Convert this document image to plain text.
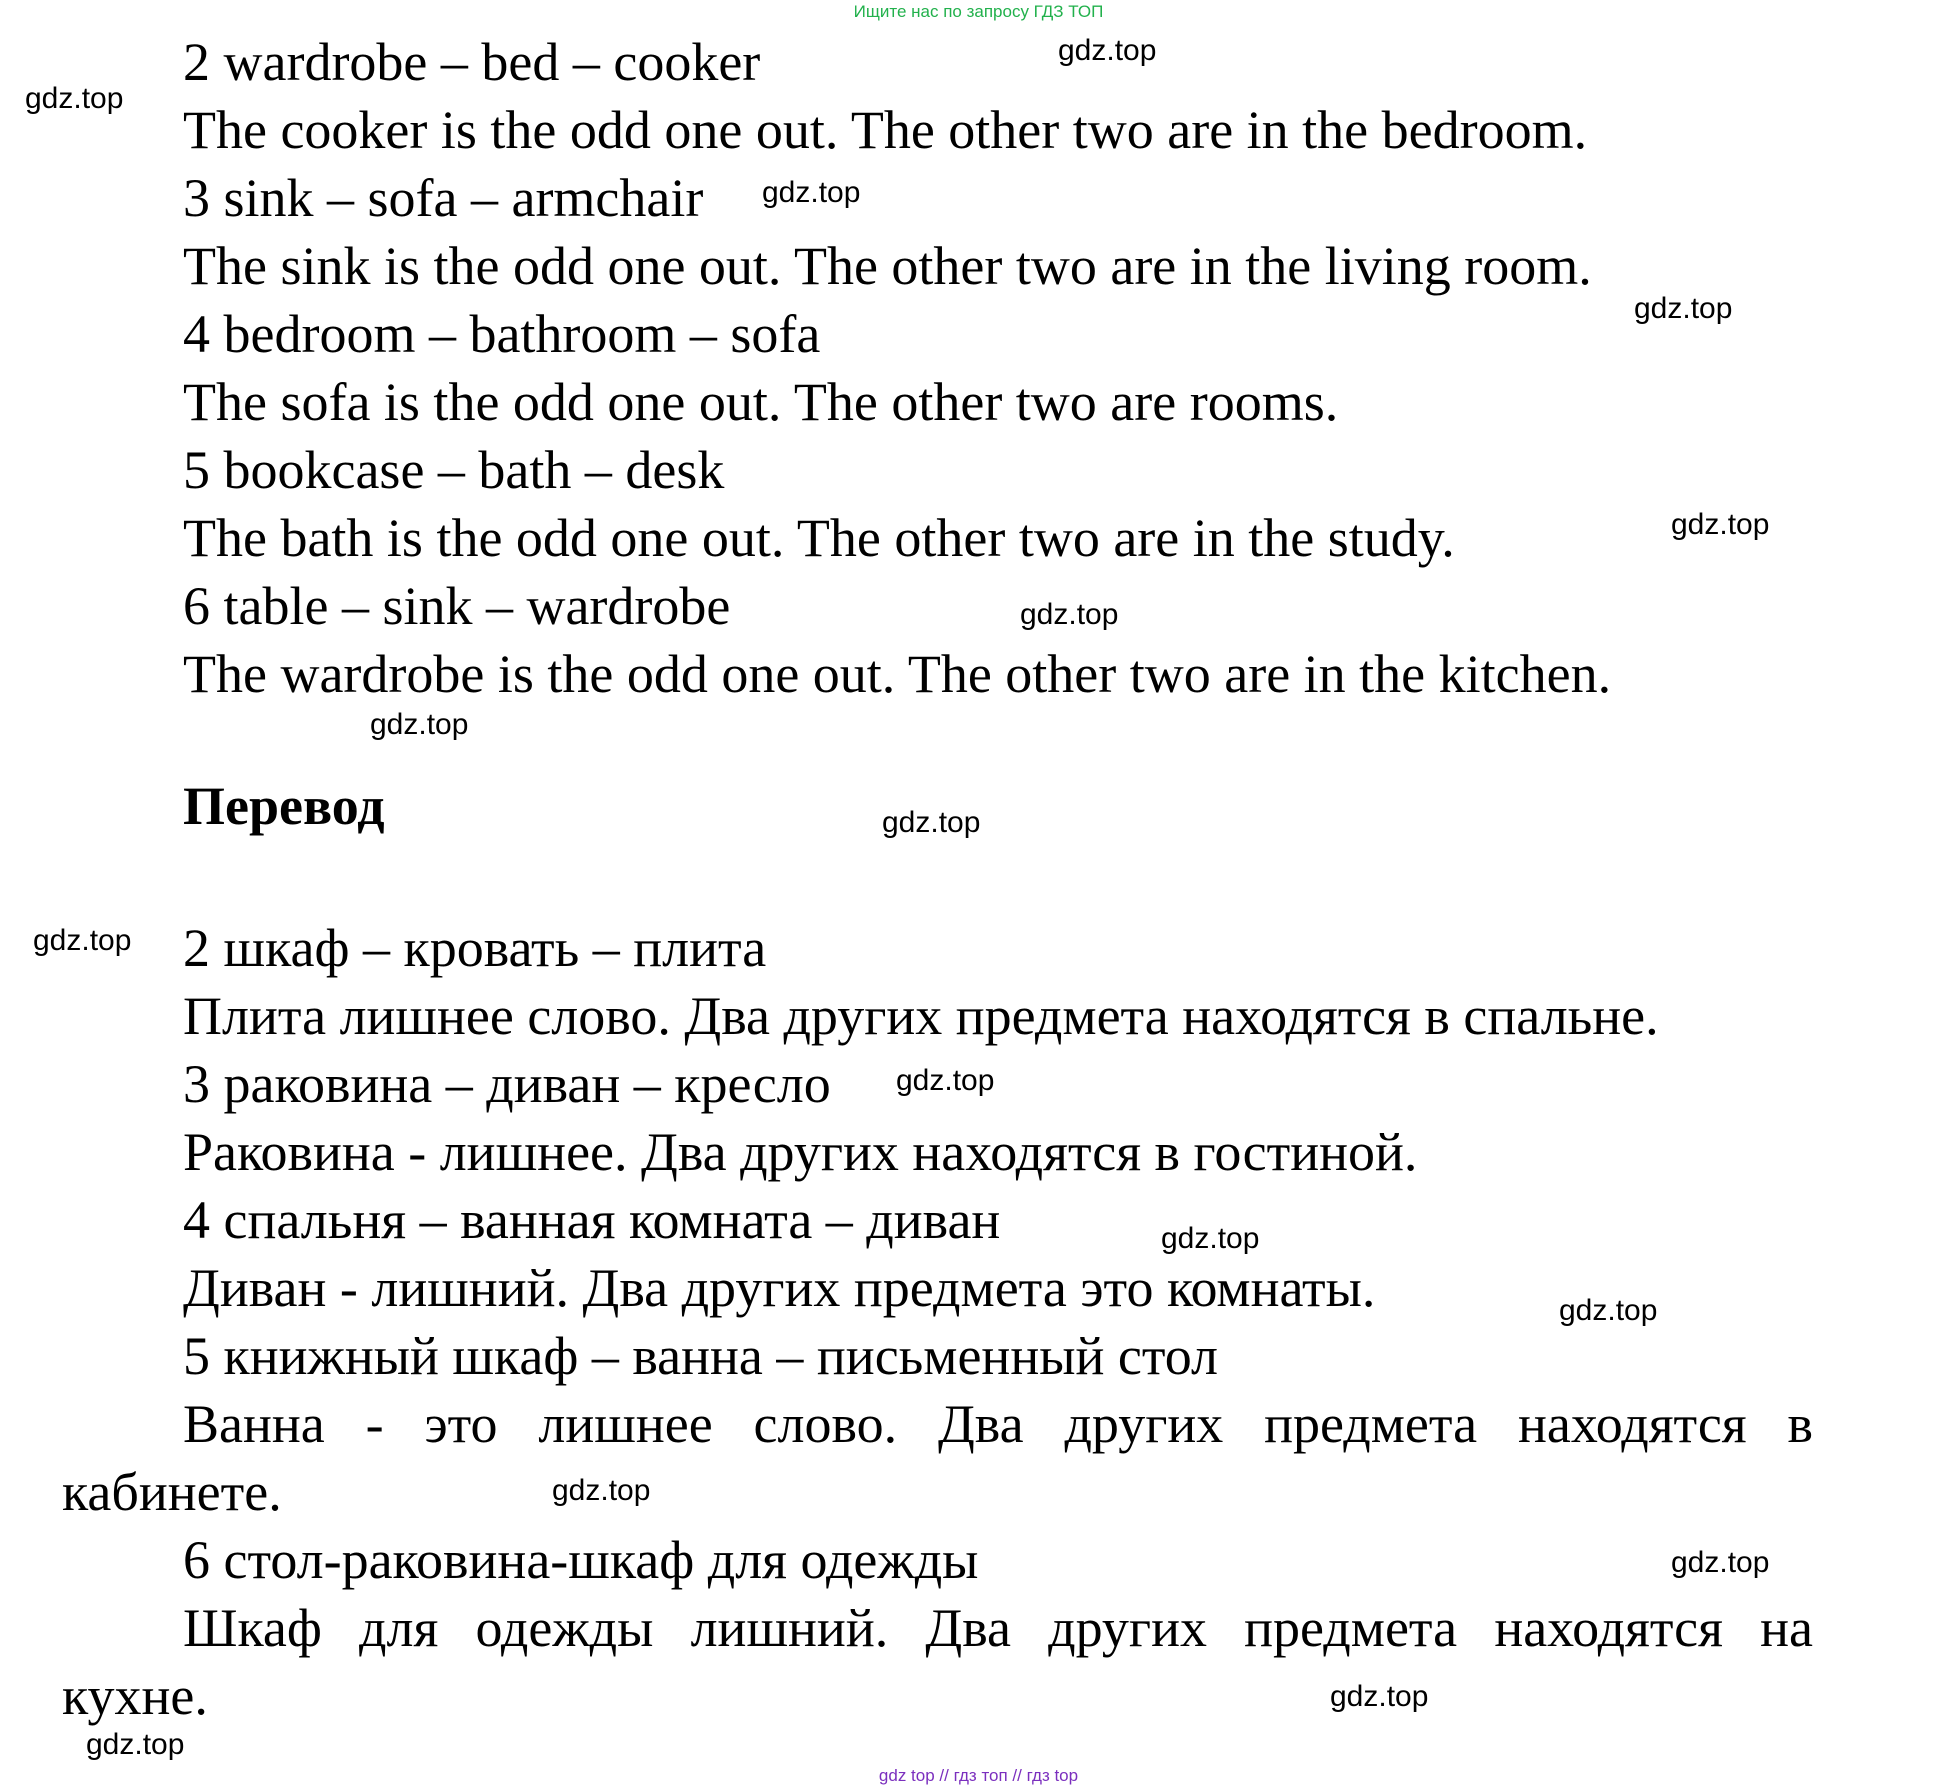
Ищите нас по запросу ГДЗ ТОП
2 wardrobe – bed – cooker
The cooker is the odd one out. The other two are in the bedroom.
3 sink – sofa – armchair
The sink is the odd one out. The other two are in the living room.
4 bedroom – bathroom – sofa
The sofa is the odd one out. The other two are rooms.
5 bookcase – bath – desk
The bath is the odd one out. The other two are in the study.
6 table – sink – wardrobe
The wardrobe is the odd one out. The other two are in the kitchen.
Перевод
2 шкаф – кровать – плита
Плита лишнее слово. Два других предмета находятся в спальне.
3 раковина – диван – кресло
Раковина - лишнее. Два других находятся в гостиной.
4 спальня – ванная комната – диван
Диван - лишний. Два других предмета это комнаты.
5 книжный шкаф – ванна – письменный стол
Ванна - это лишнее слово. Два других предмета находятся в
кабинете.
6 стол-раковина-шкаф для одежды
Шкаф для одежды лишний. Два других предмета находятся на
кухне.
gdz.top
gdz.top
gdz.top
gdz.top
gdz.top
gdz.top
gdz.top
gdz.top
gdz.top
gdz.top
gdz.top
gdz.top
gdz.top
gdz.top
gdz.top
gdz.top
gdz top // гдз топ // гдз top
